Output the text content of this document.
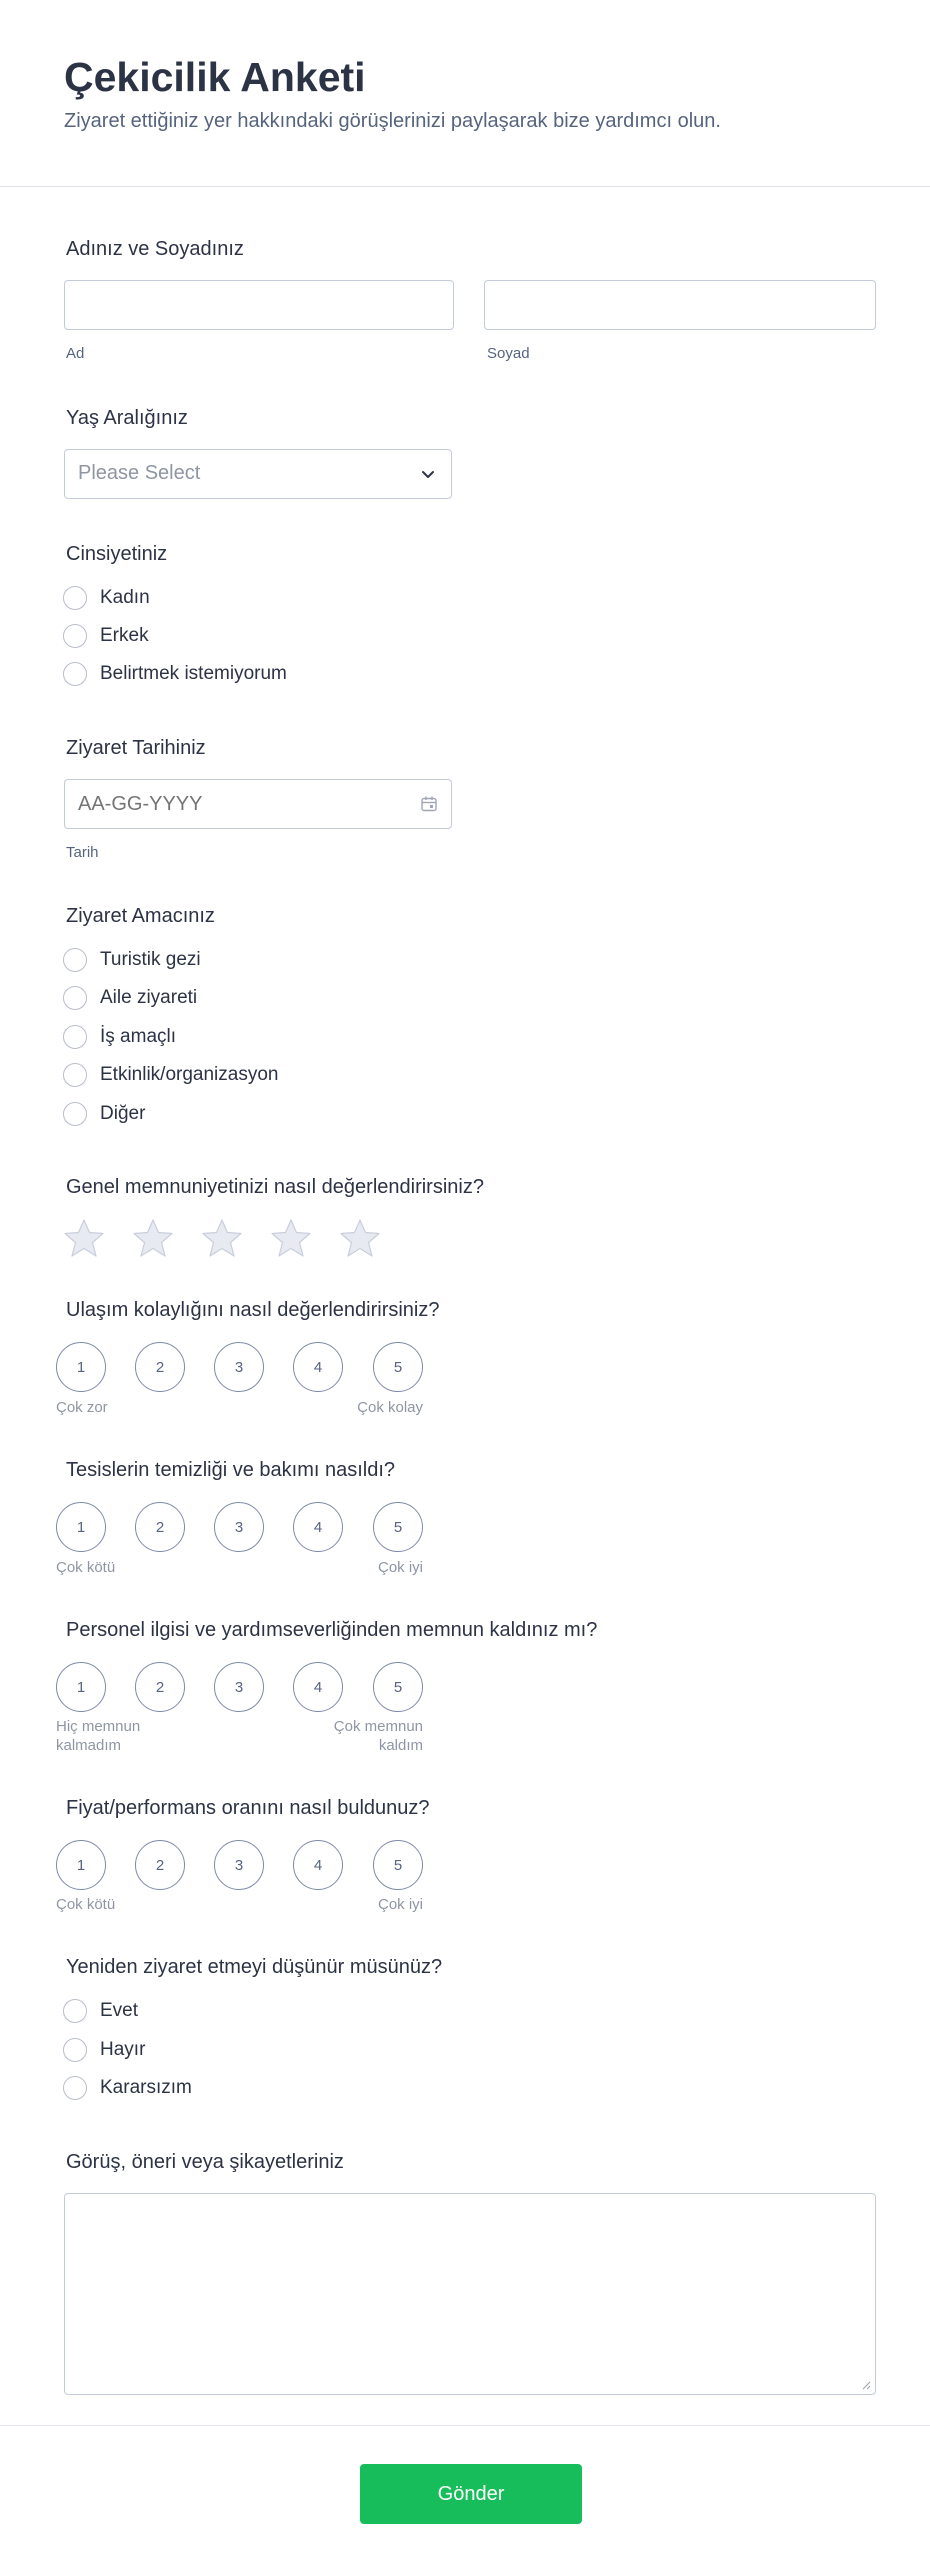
Çekicilik Anketi
Ziyaret ettiğiniz yer hakkındaki görüşlerinizi paylaşarak bize yardımcı olun.
Adınız ve Soyadınız
Ad	Soyad
Yaş Aralığınız
Please Select
Cinsiyetiniz
Kadın
Erkek
Belirtmek istemiyorum
Ziyaret Tarihiniz
AA-GG-YYYY
Tarih
Ziyaret Amacınız
Turistik gezi
Aile ziyareti
İş amaçlı
Etkinlik/organizasyon
Diğer
Genel memnuniyetinizi nasıl değerlendirirsiniz?
Ulaşım kolaylığını nasıl değerlendirirsiniz?
1	2	3	4	5
Çok zor	Çok kolay
Tesislerin temizliği ve bakımı nasıldı?
1	2	3	4	5
Çok kötü	Çok iyi
Personel ilgisi ve yardımseverliğinden memnun kaldınız mı?
1	2	3	4	5
Hiç memnun
kalmadım
Çok memnun
kaldım
Fiyat/performans oranını nasıl buldunuz?
1	2	3	4	5
Çok kötü	Çok iyi
Yeniden ziyaret etmeyi düşünür müsünüz?
Evet
Hayır
Kararsızım
Görüş, öneri veya şikayetleriniz
Gönder
